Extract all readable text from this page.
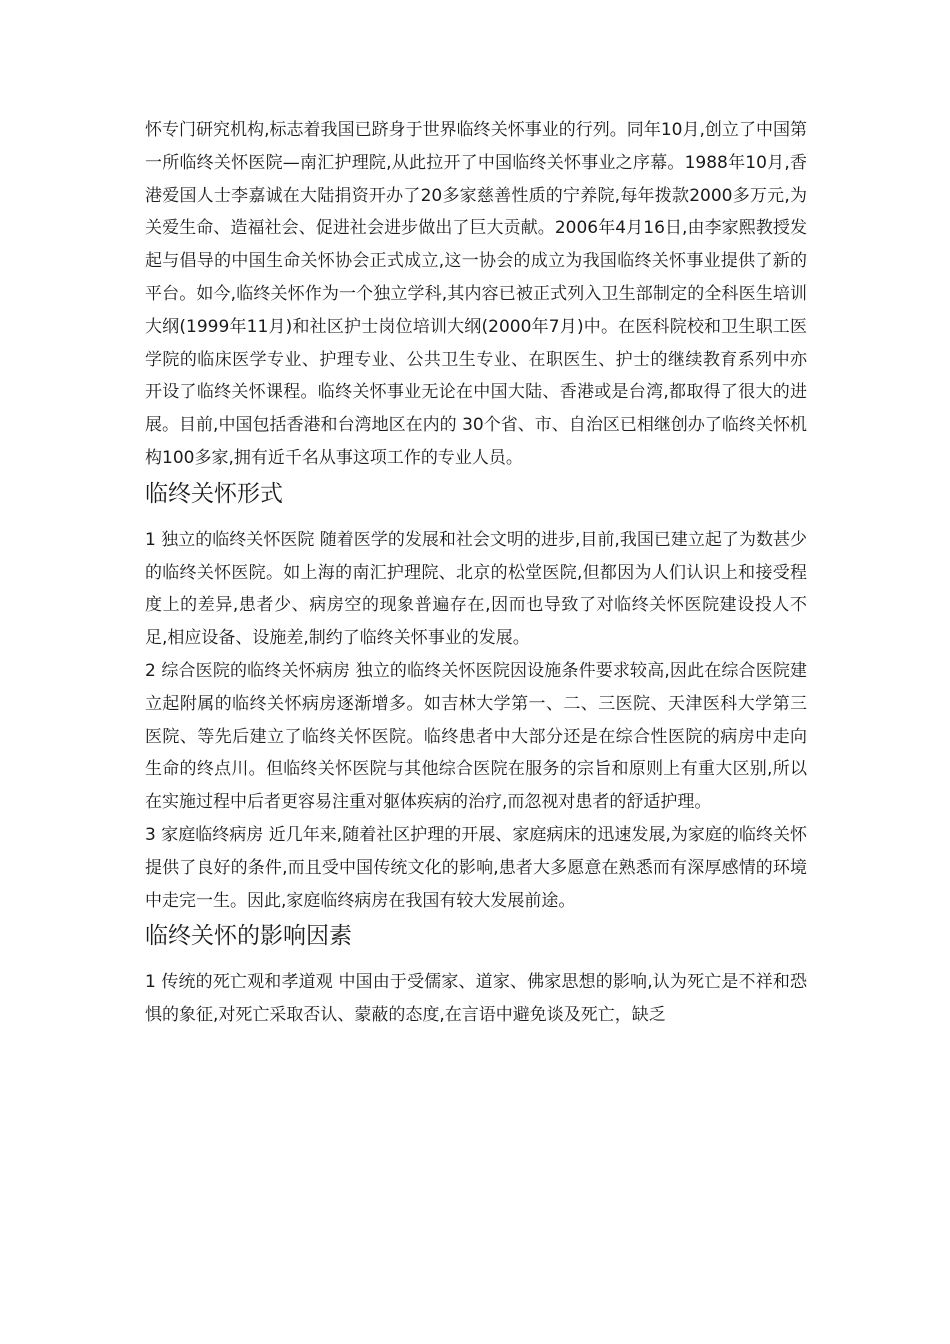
怀专门研究机构,标志着我国已跻身于世界临终关怀事业的行列。同年10月,创立了中国第一所临终关怀医院—南汇护理院,从此拉开了中国临终关怀事业之序幕。1988年10月,香港爱国人士李嘉诚在大陆捐资开办了20多家慈善性质的宁养院,每年拨款2000多万元,为关爱生命、造福社会、促进社会进步做出了巨大贡献。2006年4月16日,由李家熙教授发起与倡导的中国生命关怀协会正式成立,这一协会的成立为我国临终关怀事业提供了新的平台。如今,临终关怀作为一个独立学科,其内容已被正式列入卫生部制定的全科医生培训大纲(1999年11月)和社区护士岗位培训大纲(2000年7月)中。在医科院校和卫生职工医学院的临床医学专业、护理专业、公共卫生专业、在职医生、护士的继续教育系列中亦开设了临终关怀课程。临终关怀事业无论在中国大陆、香港或是台湾,都取得了很大的进展。目前,中国包括香港和台湾地区在内的 30个省、市、自治区已相继创办了临终关怀机构100多家,拥有近千名从事这项工作的专业人员。

临终关怀形式

1 独立的临终关怀医院 随着医学的发展和社会文明的进步,目前,我国已建立起了为数甚少的临终关怀医院。如上海的南汇护理院、北京的松堂医院,但都因为人们认识上和接受程度上的差异,患者少、病房空的现象普遍存在,因而也导致了对临终关怀医院建设投人不足,相应设备、设施差,制约了临终关怀事业的发展。

2 综合医院的临终关怀病房 独立的临终关怀医院因设施条件要求较高,因此在综合医院建立起附属的临终关怀病房逐渐增多。如吉林大学第一、二、三医院、天津医科大学第三医院、等先后建立了临终关怀医院。临终患者中大部分还是在综合性医院的病房中走向生命的终点川。但临终关怀医院与其他综合医院在服务的宗旨和原则上有重大区别,所以在实施过程中后者更容易注重对躯体疾病的治疗,而忽视对患者的舒适护理。

3 家庭临终病房 近几年来,随着社区护理的开展、家庭病床的迅速发展,为家庭的临终关怀提供了良好的条件,而且受中国传统文化的影响,患者大多愿意在熟悉而有深厚感情的环境中走完一生。因此,家庭临终病房在我国有较大发展前途。

临终关怀的影响因素

1 传统的死亡观和孝道观 中国由于受儒家、道家、佛家思想的影响,认为死亡是不祥和恐惧的象征,对死亡采取否认、蒙蔽的态度,在言语中避免谈及死亡，缺乏
